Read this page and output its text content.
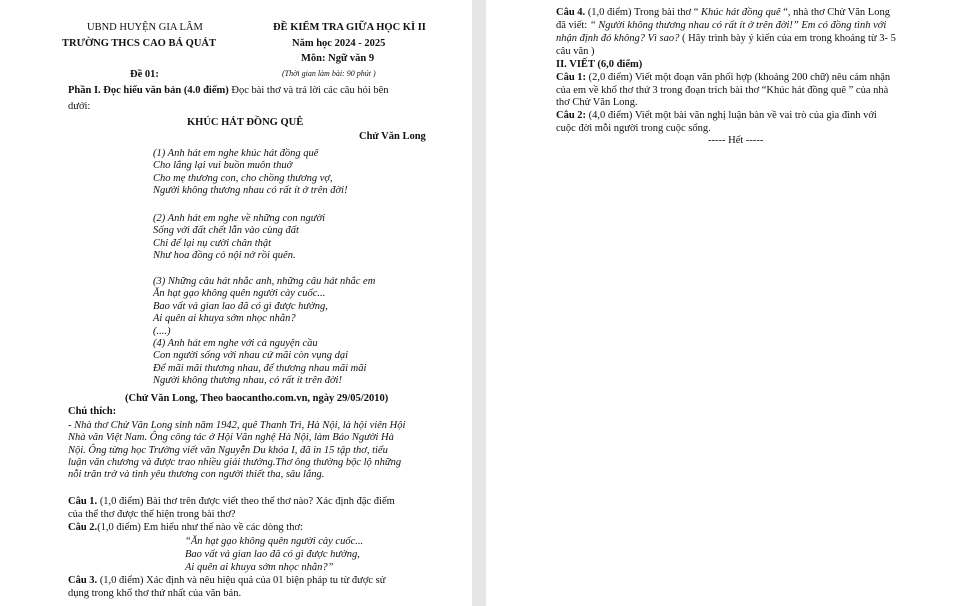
UBND HUYỆN GIA LÂM
TRƯỜNG THCS CAO BÁ QUÁT
ĐỀ KIỂM TRA GIỮA HỌC KÌ II
Năm học 2024 - 2025
Môn: Ngữ văn 9
Đề 01:	(Thời gian làm bài: 90 phút )
Phần I. Đọc hiểu văn bản (4.0 điểm) Đọc bài thơ và trả lời các câu hỏi bên
dưới:
KHÚC HÁT ĐỒNG QUÊ
Chử Văn Long
(1) Anh hát em nghe khúc hát đồng quê
Cho lắng lại vui buồn muôn thuở
Cho mẹ thương con, cho chồng thương vợ,
Người không thương nhau có rất ít ở trên đời!
(2) Anh hát em nghe về những con người
Sống với đất chết lẫn vào cùng đất
Chỉ để lại nụ cười chân thật
Như hoa đồng cỏ nội nở rồi quên.
(3) Những câu hát nhắc anh, những câu hát nhắc em
Ăn hạt gạo không quên người cày cuốc...
Bao vất vả gian lao đã có gì được hưởng,
Ai quên ai khuya sớm nhọc nhằn?
(....)
(4) Anh hát em nghe với cả nguyện cầu
Con người sống với nhau cứ mãi còn vụng dại
Để mãi mãi thương nhau, để thương nhau mãi mãi
Người không thương nhau, có rất ít trên đời!
(Chử Văn Long, Theo baocantho.com.vn, ngày 29/05/2010)
Chú thích:
- Nhà thơ Chử Văn Long sinh năm 1942, quê Thanh Trì, Hà Nội, là hội viên Hội
Nhà văn Việt Nam. Ông công tác ở Hội Văn nghệ Hà Nội, làm Báo Người Hà
Nội. Ông từng học Trường viết văn Nguyễn Du khóa I, đã in 15 tập thơ, tiểu
luận văn chương và được trao nhiều giải thưởng.Thơ ông thường bộc lộ những
nỗi trăn trở và tình yêu thương con người thiết tha, sâu lắng.
Câu 1. (1,0 điểm) Bài thơ trên được viết theo thể thơ nào? Xác định đặc điểm
của thể thơ được thể hiện trong bài thơ?
Câu 2.(1,0 điểm) Em hiểu như thế nào về các dòng thơ:
“Ăn hạt gạo không quên người cày cuốc...
Bao vất vả gian lao đã có gì được hưởng,
Ai quên ai khuya sớm nhọc nhằn?”
Câu 3. (1,0 điểm) Xác định và nêu hiệu quả của 01 biện pháp tu từ được sử
dụng trong khổ thơ thứ nhất của văn bản.
Câu 4. (1,0 điểm) Trong bài thơ “ Khúc hát đồng quê “, nhà thơ Chử Văn Long
đã viết: “ Người không thương nhau có rất ít ở trên đời!” Em có đồng tình với
nhận định đó không? Vì sao? ( Hãy trình bày ý kiến của em trong khoảng từ 3- 5
câu văn )
II. VIẾT (6,0 điểm)
Câu 1: (2,0 điểm) Viết một đoạn văn phối hợp (khoảng 200 chữ) nêu cảm nhận
của em về khổ thơ thứ 3 trong đoạn trích bài thơ “Khúc hát đồng quê ” của nhà
thơ Chử Văn Long.
Câu 2: (4,0 điểm) Viết một bài văn nghị luận bàn về vai trò của gia đình với
cuộc đời mỗi người trong cuộc sống.
----- Hết -----
